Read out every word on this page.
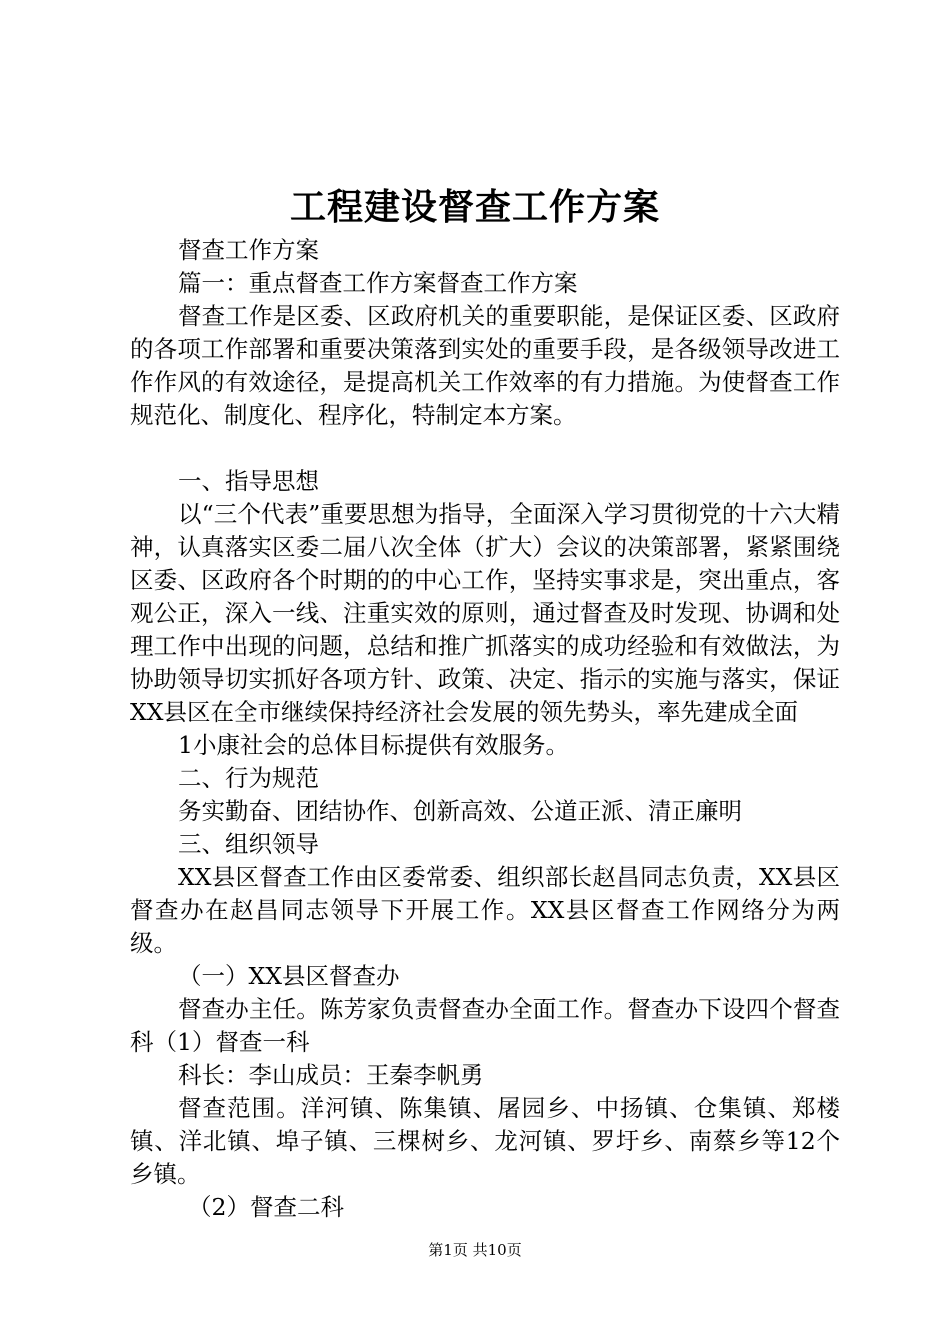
工程建设督查工作方案

督查工作方案

篇一：重点督查工作方案督查工作方案

督查工作是区委、区政府机关的重要职能，是保证区委、区政府的各项工作部署和重要决策落到实处的重要手段，是各级领导改进工作作风的有效途径，是提高机关工作效率的有力措施。为使督查工作规范化、制度化、程序化，特制定本方案。

一、指导思想

以“三个代表”重要思想为指导，全面深入学习贯彻党的十六大精神，认真落实区委二届八次全体（扩大）会议的决策部署，紧紧围绕区委、区政府各个时期的的中心工作，坚持实事求是，突出重点，客观公正，深入一线、注重实效的原则，通过督查及时发现、协调和处理工作中出现的问题，总结和推广抓落实的成功经验和有效做法，为协助领导切实抓好各项方针、政策、决定、指示的实施与落实，保证XX县区在全市继续保持经济社会发展的领先势头，率先建成全面

1小康社会的总体目标提供有效服务。

二、行为规范

务实勤奋、团结协作、创新高效、公道正派、清正廉明

三、组织领导

XX县区督查工作由区委常委、组织部长赵昌同志负责，XX县区督查办在赵昌同志领导下开展工作。XX县区督查工作网络分为两级。

（一）XX县区督查办

督查办主任。陈芳家负责督查办全面工作。督查办下设四个督查科（1）督查一科

科长：李山成员：王秦李帆勇

督查范围。洋河镇、陈集镇、屠园乡、中扬镇、仓集镇、郑楼镇、洋北镇、埠子镇、三棵树乡、龙河镇、罗圩乡、南蔡乡等12个乡镇。

（2）督查二科

第1页 共10页
